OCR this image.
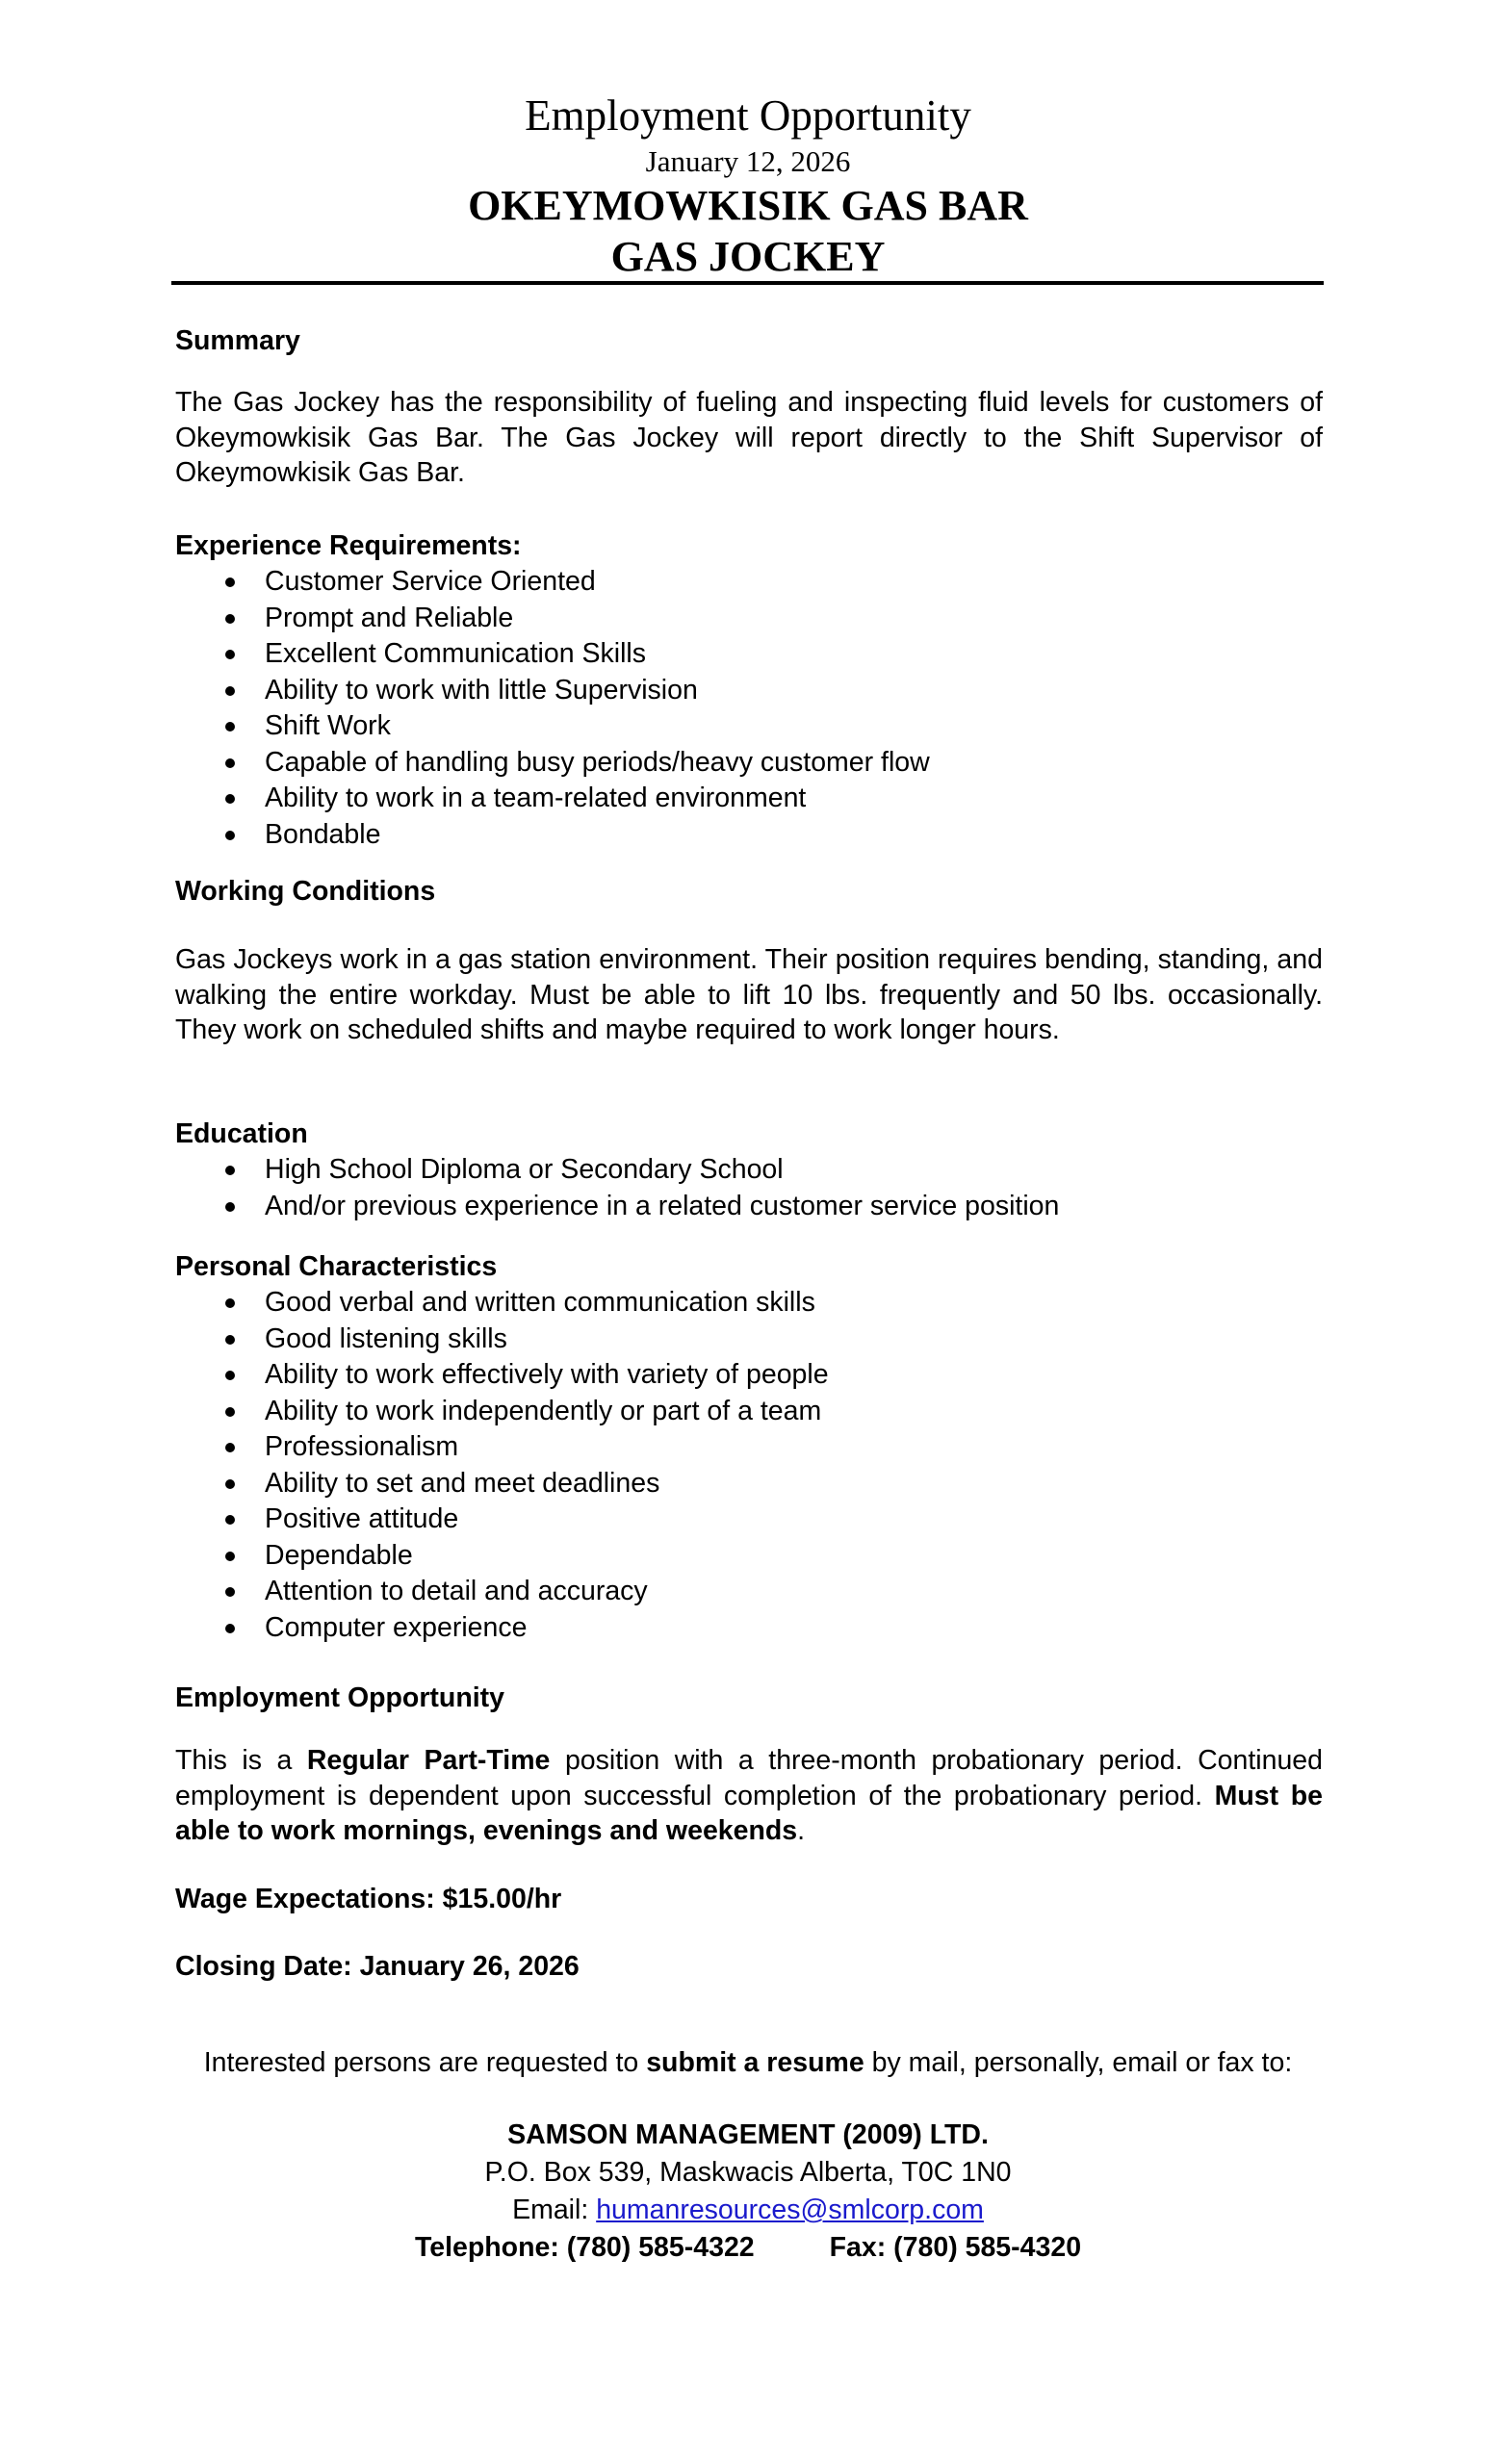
Employment Opportunity
January 12, 2026
OKEYMOWKISIK GAS BAR
GAS JOCKEY
Summary
The Gas Jockey has the responsibility of fueling and inspecting fluid levels for customers of Okeymowkisik Gas Bar. The Gas Jockey will report directly to the Shift Supervisor of Okeymowkisik Gas Bar.
Experience Requirements:
Customer Service Oriented
Prompt and Reliable
Excellent Communication Skills
Ability to work with little Supervision
Shift Work
Capable of handling busy periods/heavy customer flow
Ability to work in a team-related environment
Bondable
Working Conditions
Gas Jockeys work in a gas station environment. Their position requires bending, standing, and walking the entire workday. Must be able to lift 10 lbs. frequently and 50 lbs. occasionally. They work on scheduled shifts and maybe required to work longer hours.
Education
High School Diploma or Secondary School
And/or previous experience in a related customer service position
Personal Characteristics
Good verbal and written communication skills
Good listening skills
Ability to work effectively with variety of people
Ability to work independently or part of a team
Professionalism
Ability to set and meet deadlines
Positive attitude
Dependable
Attention to detail and accuracy
Computer experience
Employment Opportunity
This is a Regular Part-Time position with a three-month probationary period. Continued employment is dependent upon successful completion of the probationary period. Must be able to work mornings, evenings and weekends.
Wage Expectations: $15.00/hr
Closing Date: January 26, 2026
Interested persons are requested to submit a resume by mail, personally, email or fax to:
SAMSON MANAGEMENT (2009) LTD.
P.O. Box 539, Maskwacis Alberta, T0C 1N0
Email: humanresources@smlcorp.com
Telephone: (780) 585-4322	Fax: (780) 585-4320
